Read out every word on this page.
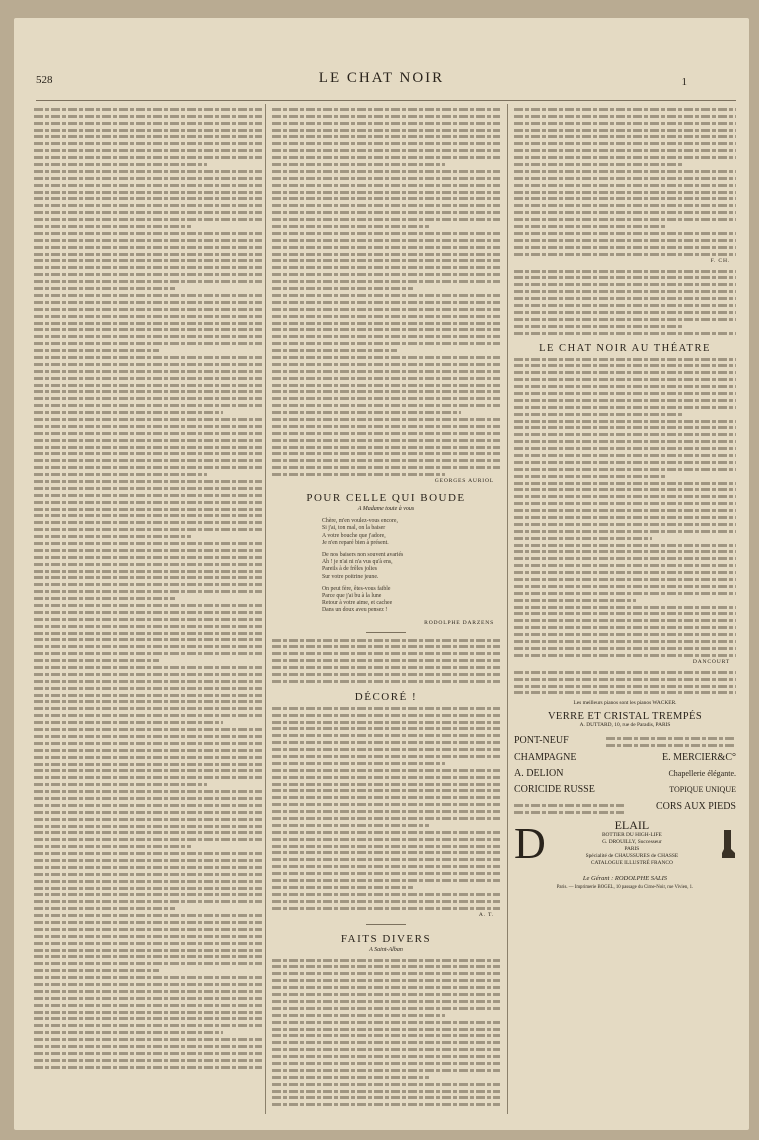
528	LE CHAT NOIR	1
GEORGES AURIOL
POUR CELLE QUI BOUDE
A Madame toute à vous
Chère, m'en voulez-vous encore,
Si j'ai, ton mal, on la baiser
A votre bouche que j'adore,
Je n'en reparé bien à présent.
De nos baisers non souvent avariés
Ah ! je n'ai ni n'a vus qu'à ens,
Pareils à de frêles jolies
Sur votre poitrine jeune.
On peut fère, êtes-vous faible
Parce que j'ai bu à la lune
Retour à votre aime, et cachee
Dans un doux aveu pensez !
RODOLPHE DARZENS
DÉCORÉ !
A. T.
FAITS DIVERS
A Saint-Alban
F. CH.
LE CHAT NOIR AU THÉATRE
DANCOURT
Les meilleurs pianos sont les pianos WACKER.
VERRE ET CRISTAL TREMPÉS
A. DUTTARD, 10, rue de Paradis, PARIS
PONT-NEUF
CHAMPAGNE	E. MERCIER&C°
A. DELION	Chapellerie élégante.
CORICIDE RUSSE	TOPIQUE UNIQUE
CORS AUX PIEDS
D	ELAIL
BOTTIER DU HIGH-LIFE
G. DROUILLY, Successeur
PARIS
Spécialité de CHAUSSURES de CHASSE
CATALOGUE ILLUSTRÉ FRANCO
Le Gérant : RODOLPHE SALIS
Paris. — Imprimerie BOGEL, 10 passage du Cirne-Noir, rue Vivien, 1.
